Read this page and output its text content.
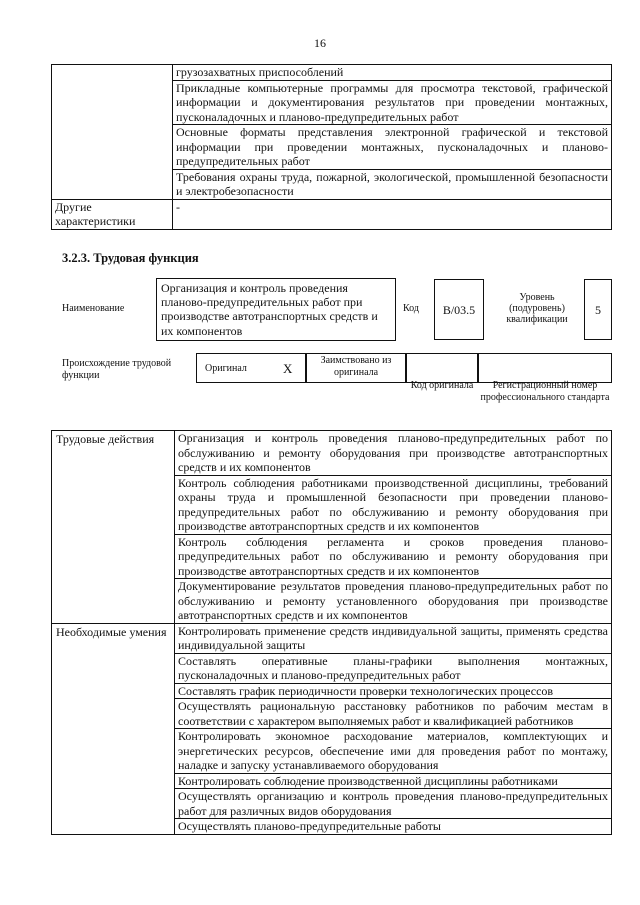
16
	грузозахватных приспособлений
	Прикладные компьютерные программы для просмотра текстовой, графической информации и документирования результатов при проведении монтажных, пусконаладочных и планово-предупредительных работ
	Основные форматы представления электронной графической и текстовой информации при проведении монтажных, пусконаладочных и планово-предупредительных работ
	Требования охраны труда, пожарной, экологической, промышленной безопасности и электробезопасности
Другие характеристики	-
3.2.3. Трудовая функция
Наименование
Организация и контроль проведения планово-предупредительных работ при производстве автотранспортных средств и их компонентов
Код	B/03.5
Уровень (подуровень) квалификации
5
Происхождение трудовой функции
Оригинал	X
Заимствовано из оригинала
Код оригинала	Регистрационный номер профессионального стандарта
Трудовые действия	Организация и контроль проведения планово-предупредительных работ по обслуживанию и ремонту оборудования при производстве автотранспортных средств и их компонентов
	Контроль соблюдения работниками производственной дисциплины, требований охраны труда и промышленной безопасности при проведении планово-предупредительных работ по обслуживанию и ремонту оборудования при производстве автотранспортных средств и их компонентов
	Контроль соблюдения регламента и сроков проведения планово-предупредительных работ по обслуживанию и ремонту оборудования при производстве автотранспортных средств и их компонентов
	Документирование результатов проведения планово-предупредительных работ по обслуживанию и ремонту установленного оборудования при производстве автотранспортных средств и их компонентов
Необходимые умения	Контролировать применение средств индивидуальной защиты, применять средства индивидуальной защиты
	Составлять оперативные планы-графики выполнения монтажных, пусконаладочных и планово-предупредительных работ
	Составлять график периодичности проверки технологических процессов
	Осуществлять рациональную расстановку работников по рабочим местам в соответствии с характером выполняемых работ и квалификацией работников
	Контролировать экономное расходование материалов, комплектующих и энергетических ресурсов, обеспечение ими для проведения работ по монтажу, наладке и запуску устанавливаемого оборудования
	Контролировать соблюдение производственной дисциплины работниками
	Осуществлять организацию и контроль проведения планово-предупредительных работ для различных видов оборудования
	Осуществлять планово-предупредительные работы
